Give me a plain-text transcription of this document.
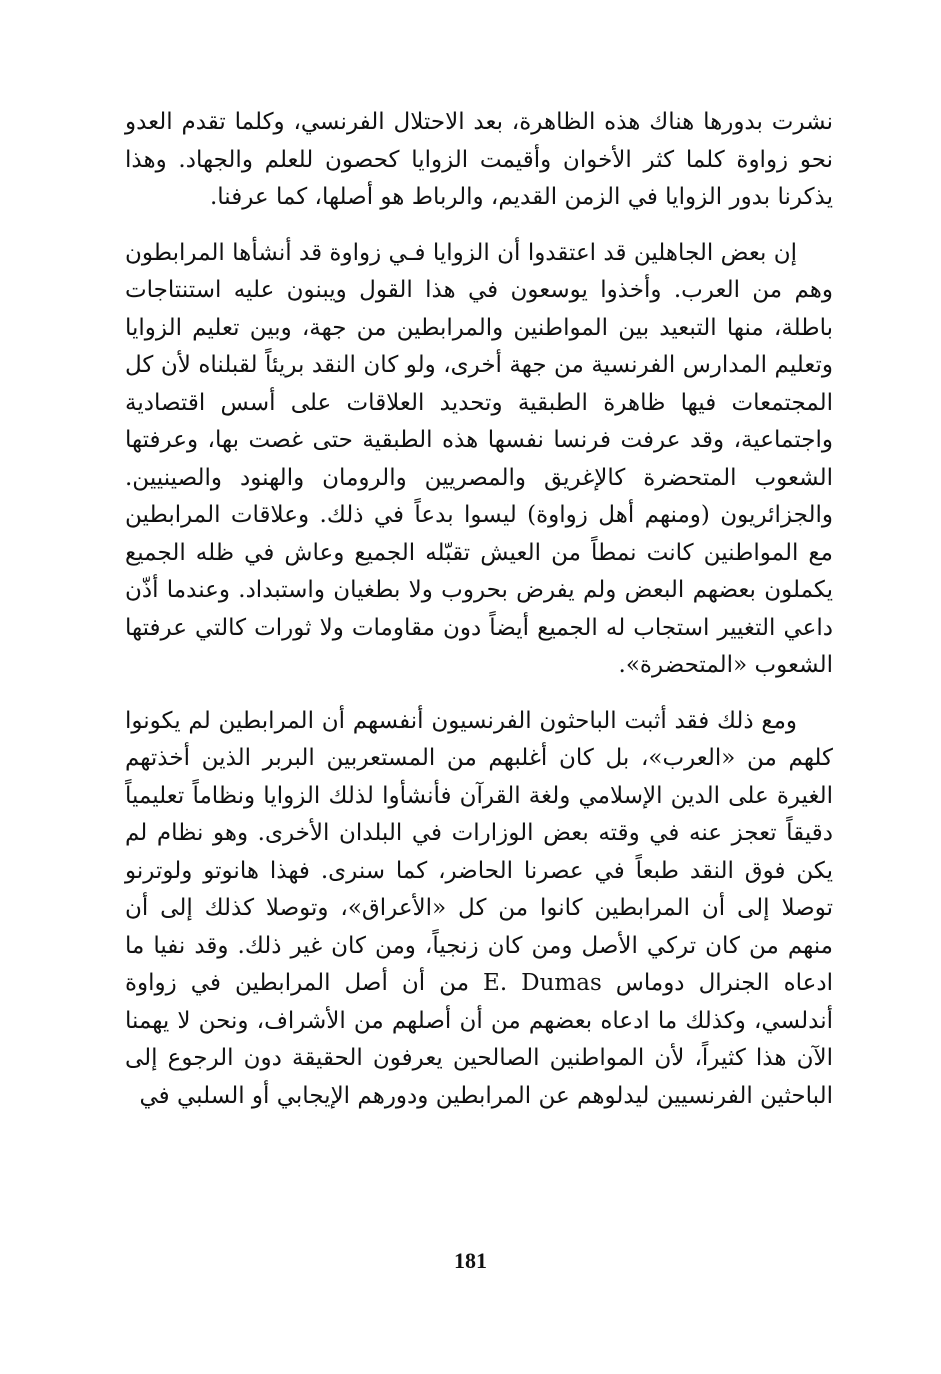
نشرت بدورها هناك هذه الظاهرة، بعد الاحتلال الفرنسي، وكلما تقدم العدو نحو زواوة كلما كثر الأخوان وأقيمت الزوايا كحصون للعلم والجهاد. وهذا يذكرنا بدور الزوايا في الزمن القديم، والرباط هو أصلها، كما عرفنا.

إن بعض الجاهلين قد اعتقدوا أن الزوايا فـي زواوة قد أنشأها المرابطون وهم من العرب. وأخذوا يوسعون في هذا القول ويبنون عليه استنتاجات باطلة، منها التبعيد بين المواطنين والمرابطين من جهة، وبين تعليم الزوايا وتعليم المدارس الفرنسية من جهة أخرى، ولو كان النقد بريئاً لقبلناه لأن كل المجتمعات فيها ظاهرة الطبقية وتحديد العلاقات على أسس اقتصادية واجتماعية، وقد عرفت فرنسا نفسها هذه الطبقية حتى غصت بها، وعرفتها الشعوب المتحضرة كالإغريق والمصريين والرومان والهنود والصينيين. والجزائريون (ومنهم أهل زواوة) ليسوا بدعاً في ذلك. وعلاقات المرابطين مع المواطنين كانت نمطاً من العيش تقبّله الجميع وعاش في ظله الجميع يكملون بعضهم البعض ولم يفرض بحروب ولا بطغيان واستبداد. وعندما أذّن داعي التغيير استجاب له الجميع أيضاً دون مقاومات ولا ثورات كالتي عرفتها الشعوب «المتحضرة».

ومع ذلك فقد أثبت الباحثون الفرنسيون أنفسهم أن المرابطين لم يكونوا كلهم من «العرب»، بل كان أغلبهم من المستعربين البربر الذين أخذتهم الغيرة على الدين الإسلامي ولغة القرآن فأنشأوا لذلك الزوايا ونظاماً تعليمياً دقيقاً تعجز عنه في وقته بعض الوزارات في البلدان الأخرى. وهو نظام لم يكن فوق النقد طبعاً في عصرنا الحاضر، كما سنرى. فهذا هانوتو ولوترنو توصلا إلى أن المرابطين كانوا من كل «الأعراق»، وتوصلا كذلك إلى أن منهم من كان تركي الأصل ومن كان زنجياً، ومن كان غير ذلك. وقد نفيا ما ادعاه الجنرال دوماس E. Dumas من أن أصل المرابطين في زواوة أندلسي، وكذلك ما ادعاه بعضهم من أن أصلهم من الأشراف، ونحن لا يهمنا الآن هذا كثيراً، لأن المواطنين الصالحين يعرفون الحقيقة دون الرجوع إلى الباحثين الفرنسيين ليدلوهم عن المرابطين ودورهم الإيجابي أو السلبي في

181
